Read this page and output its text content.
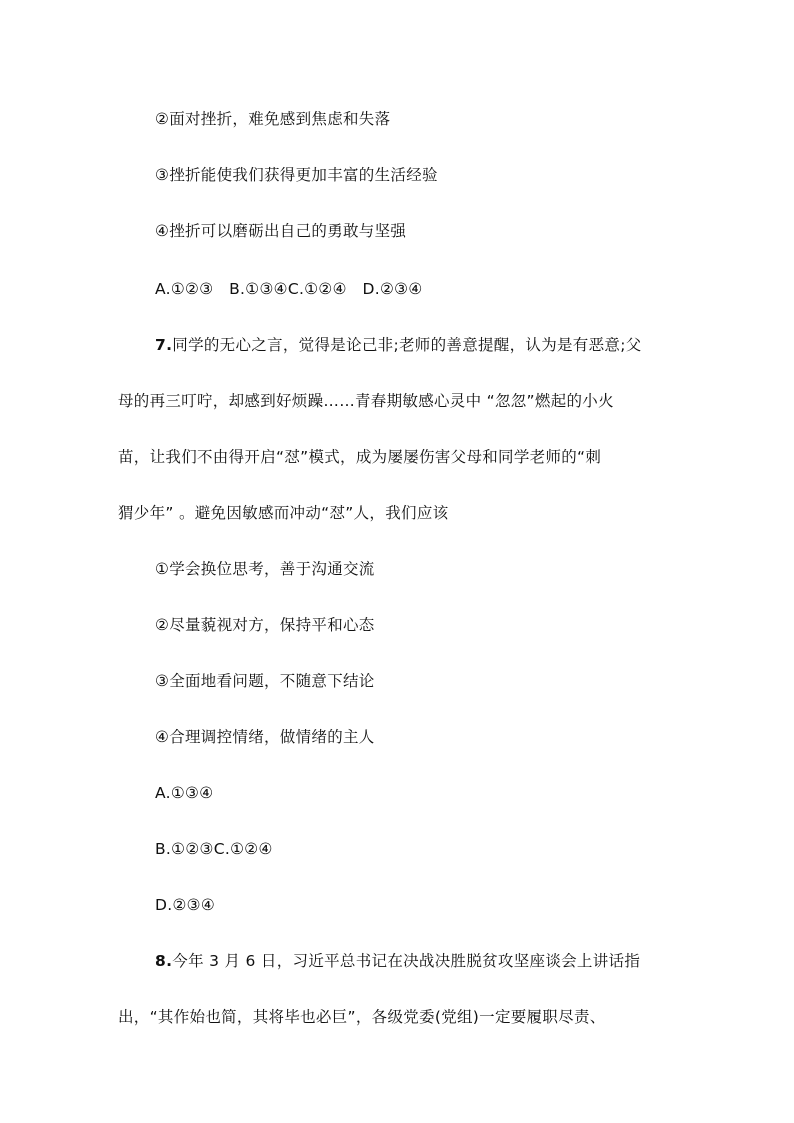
②面对挫折，难免感到焦虑和失落
③挫折能使我们获得更加丰富的生活经验
④挫折可以磨砺出自己的勇敢与坚强
A.①②③   B.①③④C.①②④   D.②③④
7.同学的无心之言，觉得是论己非;老师的善意提醒，认为是有恶意;父
母的再三叮咛，却感到好烦躁……青春期敏感心灵中 “忽忽”燃起的小火
苗，让我们不由得开启“怼”模式，成为屡屡伤害父母和同学老师的“刺
猬少年” 。避免因敏感而冲动“怼”人，我们应该
①学会换位思考，善于沟通交流
②尽量藐视对方，保持平和心态
③全面地看问题，不随意下结论
④合理调控情绪，做情绪的主人
A.①③④
B.①②③C.①②④
D.②③④
8.今年 3 月 6 日，习近平总书记在决战决胜脱贫攻坚座谈会上讲话指
出，“其作始也简，其将毕也必巨”，各级党委(党组)一定要履职尽责、
